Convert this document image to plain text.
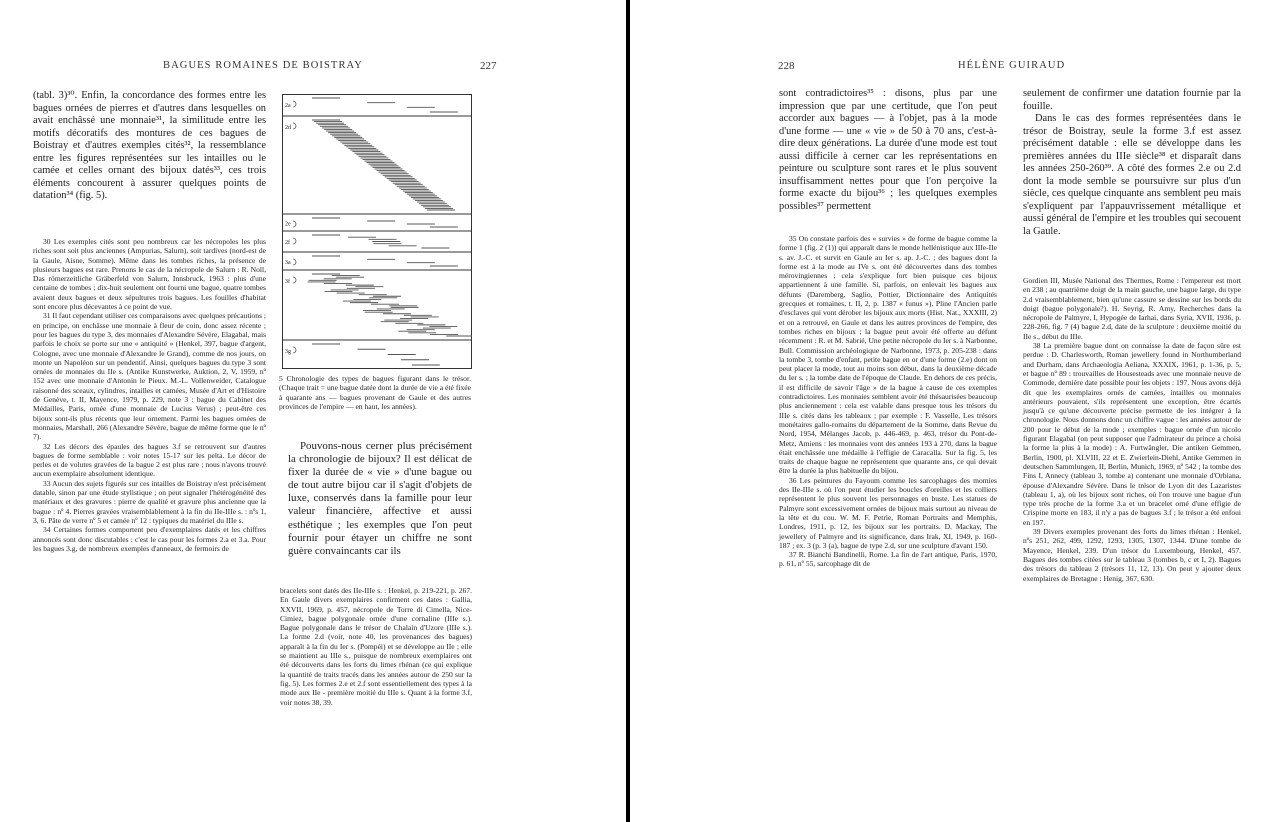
BAGUES ROMAINES DE BOISTRAY	227

(tabl. 3)³⁰. Enfin, la concordance des formes entre les bagues ornées de pierres et d'autres dans lesquelles on avait enchâssé une monnaie³¹, la similitude entre les motifs décoratifs des montures de ces bagues de Boistray et d'autres exemples cités³², la ressemblance entre les figures représentées sur les intailles ou le camée et celles ornant des bijoux datés³³, ces trois éléments concourent à assurer quelques points de datation³⁴ (fig. 5).

30 Les exemples cités sont peu nombreux car les nécropoles les plus riches sont soit plus anciennes (Ampurias, Salurn), soit tardives (nord-est de la Gaule, Aisne, Somme). Même dans les tombes riches, la présence de plusieurs bagues est rare. Prenons le cas de la nécropole de Salurn : R. Noll, Das römerzeitliche Gräberfeld von Salurn, Innsbruck, 1963 : plus d'une centaine de tombes ; dix-huit seulement ont fourni une bague, quatre tombes avaient deux bagues et deux sépultures trois bagues. Les fouilles d'habitat sont encore plus décevantes à ce point de vue.

31 Il faut cependant utiliser ces comparaisons avec quelques précautions ; en principe, on enchâsse une monnaie à fleur de coin, donc assez récente ; pour les bagues du type 3, des monnaies d'Alexandre Sévère, Elagabal, mais parfois le choix se porte sur une « antiquité » (Henkel, 397, bague d'argent, Cologne, avec une monnaie d'Alexandre le Grand), comme de nos jours, on monte un Napoléon sur un pendentif. Ainsi, quelques bagues du type 3 sont ornées de monnaies du IIe s. (Antike Kunstwerke, Auktion, 2, V, 1959, nº 152 avec une monnaie d'Antonin le Pieux. M.-L. Vollenweider, Catalogue raisonné des sceaux, cylindres, intailles et camées, Musée d'Art et d'Histoire de Genève, t. II, Mayence, 1979, p. 229, note 3 : bague du Cabinet des Médailles, Paris, ornée d'une monnaie de Lucius Verus) ; peut-être ces bijoux sont-ils plus récents que leur ornement. Parmi les bagues ornées de monnaies, Marshall, 266 (Alexandre Sévère, bague de même forme que le nº 7).

32 Les décors des épaules des bagues 3.f se retrouvent sur d'autres bagues de forme semblable : voir notes 15-17 sur les pelta. Le décor de perles et de volutes gravées de la bague 2 est plus rare ; nous n'avons trouvé aucun exemplaire absolument identique.

33 Aucun des sujets figurés sur ces intailles de Boistray n'est précisément datable, sinon par une étude stylistique ; on peut signaler l'hétérogénéité des matériaux et des gravures : pierre de qualité et gravure plus ancienne que la bague : nº 4. Pierres gravées vraisemblablement à la fin du IIe-IIIe s. : nºs 1, 3, 6. Pâte de verre nº 5 et camée nº 12 : typiques du matériel du IIIe s.

34 Certaines formes comportent peu d'exemplaires datés et les chiffres annoncés sont donc discutables : c'est le cas pour les formes 2.a et 3.a. Pour les bagues 3.g, de nombreux exemples d'anneaux, de fermoirs de

2a
2d
2e
2f
3a
3f
3g
5 Chronologie des types de bagues figurant dans le trésor. (Chaque trait = une bague datée dont la durée de vie a été fixée à quarante ans — bagues provenant de Gaule et des autres provinces de l'empire — en haut, les années).

Pouvons-nous cerner plus précisément la chronologie de bijoux? Il est délicat de fixer la durée de « vie » d'une bague ou de tout autre bijou car il s'agit d'objets de luxe, conservés dans la famille pour leur valeur financière, affective et aussi esthétique ; les exemples que l'on peut fournir pour étayer un chiffre ne sont guère convaincants car ils

bracelets sont datés des IIe-IIIe s. : Henkel, p. 219-221, p. 267. En Gaule divers exemplaires confirment ces dates : Gallia, XXVII, 1969, p. 457, nécropole de Torre di Cimella, Nice-Cimiez, bague polygonale ornée d'une cornaline (IIIe s.). Bague polygonale dans le trésor de Chalain d'Uzore (IIIe s.). La forme 2.d (voir, note 40, les provenances des bagues) apparaît à la fin du Ier s. (Pompéi) et se développe au IIe ; elle se maintient au IIIe s., puisque de nombreux exemplaires ont été découverts dans les forts du limes rhénan (ce qui explique la quantité de traits tracés dans les années autour de 250 sur la fig. 5). Les formes 2.e et 2.f sont essentiellement des types à la mode aux IIe - première moitié du IIIe s. Quant à la forme 3.f, voir notes 38, 39.

228	HÉLÈNE GUIRAUD

sont contradictoires³⁵ : disons, plus par une impression que par une certitude, que l'on peut accorder aux bagues — à l'objet, pas à la mode d'une forme — une « vie » de 50 à 70 ans, c'est-à-dire deux générations. La durée d'une mode est tout aussi difficile à cerner car les représentations en peinture ou sculpture sont rares et le plus souvent insuffisamment nettes pour que l'on perçoive la forme exacte du bijou³⁶ ; les quelques exemples possibles³⁷ permettent

seulement de confirmer une datation fournie par la fouille.

Dans le cas des formes représentées dans le trésor de Boistray, seule la forme 3.f est assez précisément datable : elle se développe dans les premières années du IIIe siècle³⁸ et disparaît dans les années 250-260³⁹. A côté des formes 2.e ou 2.d dont la mode semble se poursuivre sur plus d'un siècle, ces quelque cinquante ans semblent peu mais s'expliquent par l'appauvrissement métallique et aussi général de l'empire et les troubles qui secouent la Gaule.

35 On constate parfois des « survies » de forme de bague comme la forme 1 (fig. 2 (1)) qui apparaît dans le monde hellénistique aux IIIe-IIe s. av. J.-C. et survit en Gaule au Ier s. ap. J.-C. ; des bagues dont la forme est à la mode au IVe s. ont été découvertes dans des tombes mérovingiennes ; cela s'explique fort bien puisque ces bijoux appartiennent à une famille. Si, parfois, on enlevait les bagues aux défunts (Daremberg, Saglio, Pottier, Dictionnaire des Antiquités grecques et romaines, t. II, 2, p. 1387 « funus »), Pline l'Ancien parle d'esclaves qui vont dérober les bijoux aux morts (Hist. Nat., XXXIII, 2) et on a retrouvé, en Gaule et dans les autres provinces de l'empire, des tombes riches en bijoux ; la bague peut avoir été offerte au défunt récemment : R. et M. Sabrié, Une petite nécropole du Ier s. à Narbonne, Bull. Commission archéologique de Narbonne, 1973, p. 205-238 : dans la tombe 3, tombe d'enfant, petite bague en or d'une forme (2.e) dont on peut placer la mode, tout au moins son début, dans la deuxième décade du Ier s. ; la tombe date de l'époque de Claude. En dehors de ces précis, il est difficile de savoir l'âge » de la bague à cause de ces exemples contradictoires. Les monnaies semblent avoir été thésaurisées beaucoup plus anciennement : cela est valable dans presque tous les trésors du IIIe s. cités dans les tableaux ; par exemple : F. Vasselle, Les trésors monétaires gallo-romains du département de la Somme, dans Revue du Nord, 1954, Mélanges Jacob, p. 446-469, p. 463, trésor du Pont-de-Metz, Amiens : les monnaies vont des années 193 à 270, dans la bague était enchâssée une médaille à l'effigie de Caracalla. Sur la fig. 5, les traits de chaque bague ne représentent que quarante ans, ce qui devait être la durée la plus habituelle du bijou.

36 Les peintures du Fayoum comme les sarcophages des momies des IIe-IIIe s. où l'on peut étudier les boucles d'oreilles et les colliers représentent le plus souvent les personnages en buste. Les statues de Palmyre sont excessivement ornées de bijoux mais surtout au niveau de la tête et du cou. W. M. F. Petrie, Roman Portraits and Memphis, Londres, 1911, p. 12, les bijoux sur les portraits. D. Mackay, The jewellery of Palmyre and its significance, dans Irak, XI, 1949, p. 160-187 ; ex. 3 (p. 3 (a), bague de type 2.d, sur une sculpture d'avant 150.

37 R. Bianchi Bandinelli, Rome. La fin de l'art antique, Paris, 1970, p. 61, nº 55, sarcophage dit de

Gordien III, Musée National des Thermes, Rome : l'empereur est mort en 238 ; au quatrième doigt de la main gauche, une bague large, du type 2.d vraisemblablement, bien qu'une cassure se dessine sur les bords du doigt (bague polygonale?). H. Seyrig, R. Amy, Recherches dans la nécropole de Palmyre, I, Hypogée de Iarhai, dans Syria, XVII, 1936, p. 228-266, fig. 7 (4) bague 2.d, date de la sculpture : deuxième moitié du IIe s., début du IIIe.

38 La première bague dont on connaisse la date de façon sûre est perdue : D. Charlesworth, Roman jewellery found in Northumberland and Durham, dans Archaeologia Aeliana, XXXIX, 1961, p. 1-36, p. 5, et bague nº 89 : trouvailles de Housesteads avec une monnaie neuve de Commode, dernière date possible pour les objets : 197. Nous avons déjà dit que les exemplaires ornés de camées, intailles ou monnaies antérieurs pouvaient, s'ils représentent une exception, être écartés jusqu'à ce qu'une découverte précise permette de les intégrer à la chronologie. Nous donnons donc un chiffre vague : les années autour de 200 pour le début de la mode ; exemples : bague ornée d'un nicolo figurant Elagabal (on peut supposer que l'admirateur du prince a choisi la forme la plus à la mode) : A. Furtwängler, Die antiken Gemmen, Berlin, 1900, pl. XLVIII, 22 et E. Zwierlein-Diehl, Antike Gemmen in deutschen Sammlungen, II, Berlin, Munich, 1969, nº 542 ; la tombe des Fins I, Annecy (tableau 3, tombe a) contenant une monnaie d'Orbiana, épouse d'Alexandre Sévère. Dans le trésor de Lyon dit des Lazaristes (tableau 1, a), où les bijoux sont riches, où l'on trouve une bague d'un type très proche de la forme 3.a et un bracelet orné d'une effigie de Crispine morte en 183, il n'y a pas de bagues 3.f ; le trésor a été enfoui en 197.

39 Divers exemples provenant des forts du limes rhénan : Henkel, nºs 251, 262, 499, 1292, 1293, 1305, 1307, 1344. D'une tombe de Mayence, Henkel, 239. D'un trésor du Luxembourg, Henkel, 457. Bagues des tombes citées sur le tableau 3 (tombes b, c et I, 2). Bagues des trésors du tableau 2 (trésors 11, 12, 13). On peut y ajouter deux exemplaires de Bretagne : Henig, 367, 630.
